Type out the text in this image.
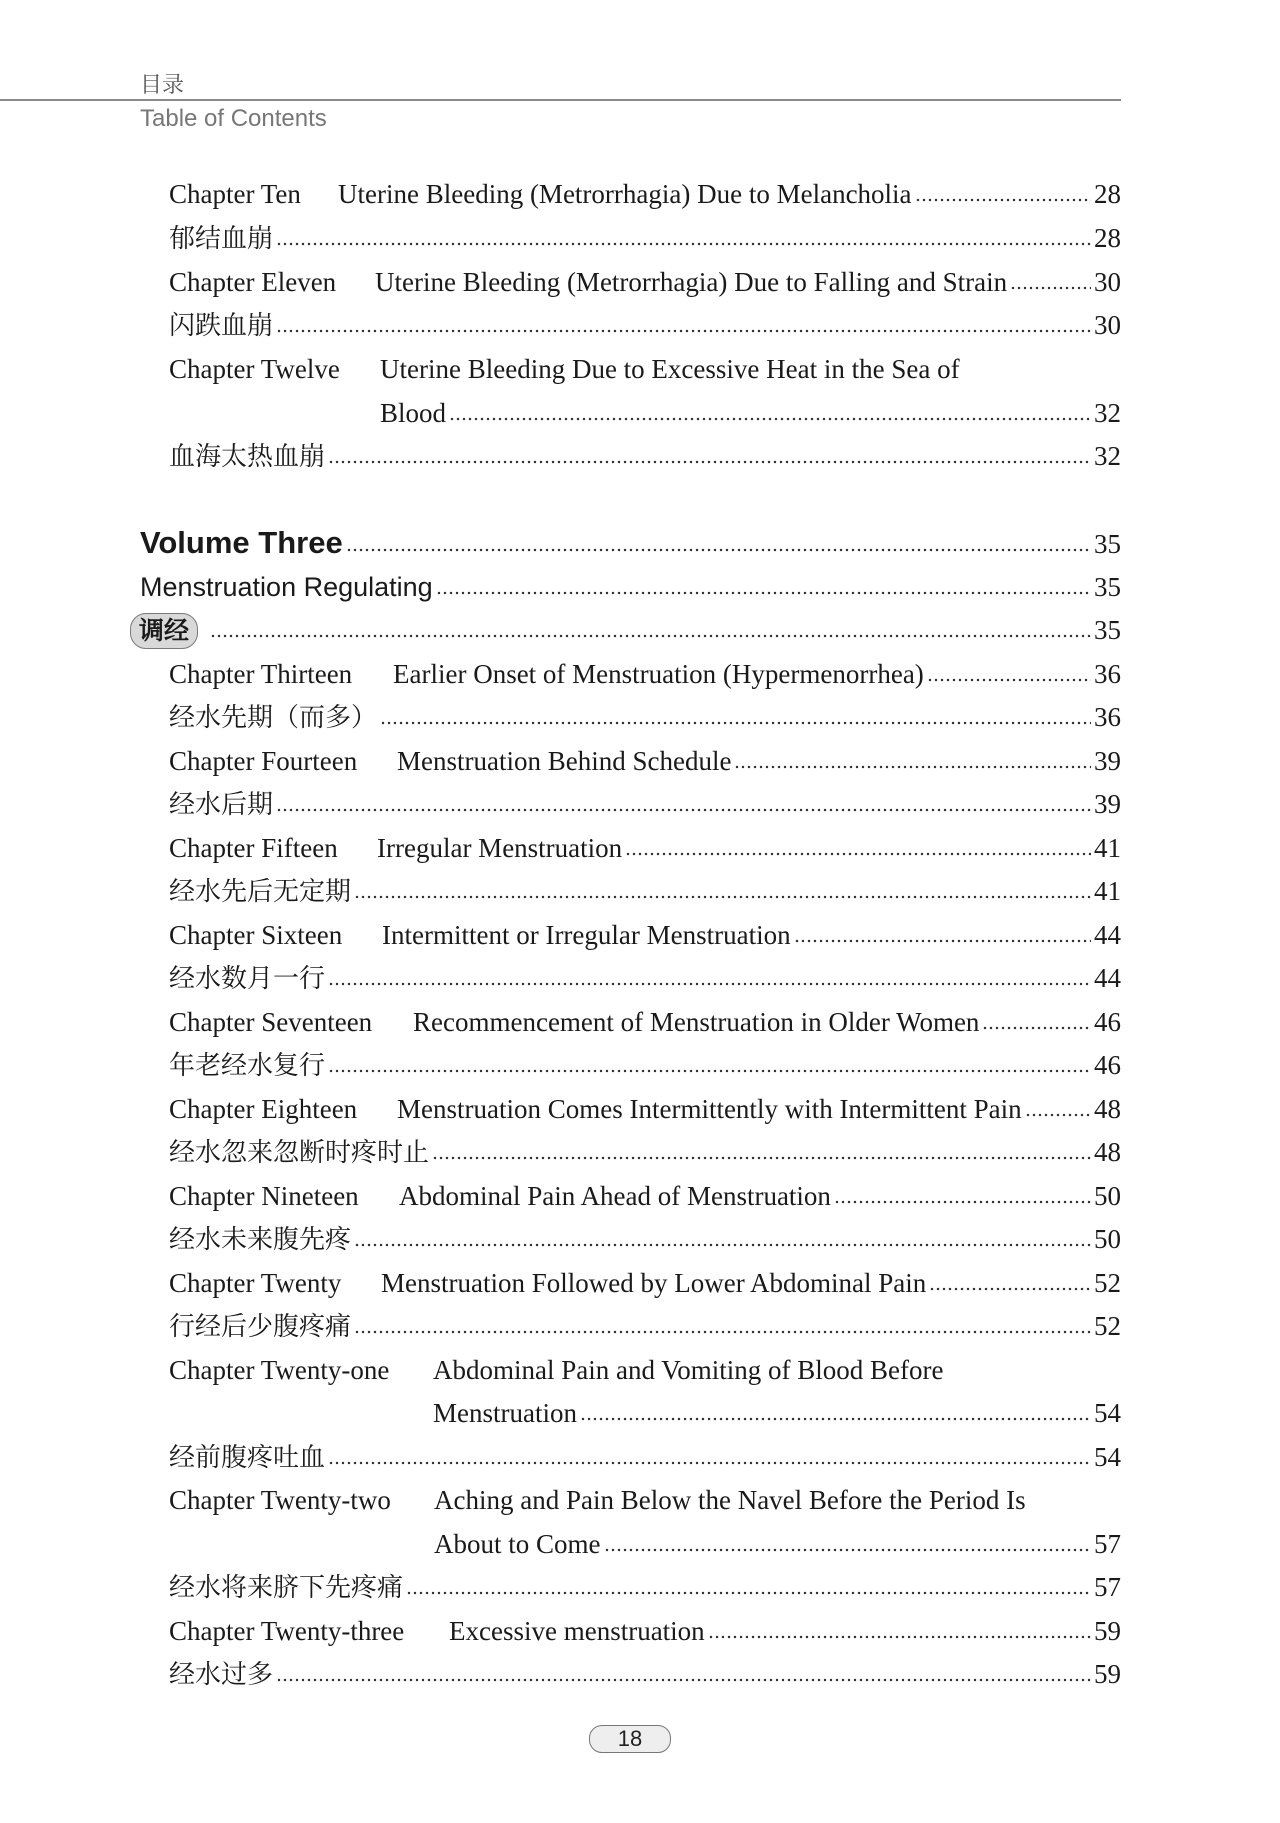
目录
Table of Contents
Chapter Ten	Uterine Bleeding (Metrorrhagia) Due to Melancholia	28
郁结血崩	28
Chapter Eleven	Uterine Bleeding (Metrorrhagia) Due to Falling and Strain	30
闪跌血崩	30
Chapter Twelve	Uterine Bleeding Due to Excessive Heat in the Sea of
Blood	32
血海太热血崩	32
Volume Three	35
Menstruation Regulating	35
调经	35
Chapter Thirteen	Earlier Onset of Menstruation (Hypermenorrhea)	36
经水先期（而多）	36
Chapter Fourteen	Menstruation Behind Schedule	39
经水后期	39
Chapter Fifteen	Irregular Menstruation	41
经水先后无定期	41
Chapter Sixteen	Intermittent or Irregular Menstruation	44
经水数月一行	44
Chapter Seventeen	Recommencement of Menstruation in Older Women	46
年老经水复行	46
Chapter Eighteen	Menstruation Comes Intermittently with Intermittent Pain	48
经水忽来忽断时疼时止	48
Chapter Nineteen	Abdominal Pain Ahead of Menstruation	50
经水未来腹先疼	50
Chapter Twenty	Menstruation Followed by Lower Abdominal Pain	52
行经后少腹疼痛	52
Chapter Twenty-one	Abdominal Pain and Vomiting of Blood Before
Menstruation	54
经前腹疼吐血	54
Chapter Twenty-two	Aching and Pain Below the Navel Before the Period Is
About to Come	57
经水将来脐下先疼痛	57
Chapter Twenty-three	Excessive menstruation	59
经水过多	59
18
